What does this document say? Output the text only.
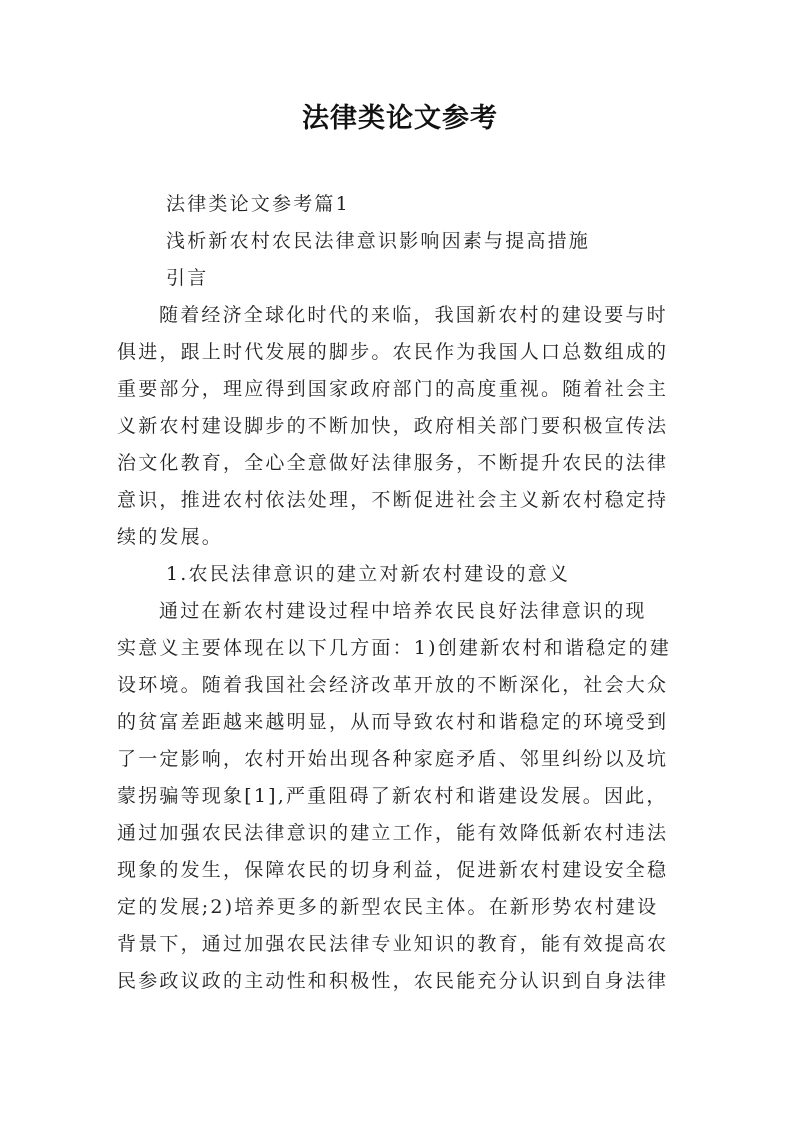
法律类论文参考
法律类论文参考篇1
浅析新农村农民法律意识影响因素与提高措施
引言
随着经济全球化时代的来临，我国新农村的建设要与时
俱进，跟上时代发展的脚步。农民作为我国人口总数组成的
重要部分，理应得到国家政府部门的高度重视。随着社会主
义新农村建设脚步的不断加快，政府相关部门要积极宣传法
治文化教育，全心全意做好法律服务，不断提升农民的法律
意识，推进农村依法处理，不断促进社会主义新农村稳定持
续的发展。
1.农民法律意识的建立对新农村建设的意义
通过在新农村建设过程中培养农民良好法律意识的现
实意义主要体现在以下几方面：1)创建新农村和谐稳定的建
设环境。随着我国社会经济改革开放的不断深化，社会大众
的贫富差距越来越明显，从而导致农村和谐稳定的环境受到
了一定影响，农村开始出现各种家庭矛盾、邻里纠纷以及坑
蒙拐骗等现象[1],严重阻碍了新农村和谐建设发展。因此，
通过加强农民法律意识的建立工作，能有效降低新农村违法
现象的发生，保障农民的切身利益，促进新农村建设安全稳
定的发展;2)培养更多的新型农民主体。在新形势农村建设
背景下，通过加强农民法律专业知识的教育，能有效提高农
民参政议政的主动性和积极性，农民能充分认识到自身法律
